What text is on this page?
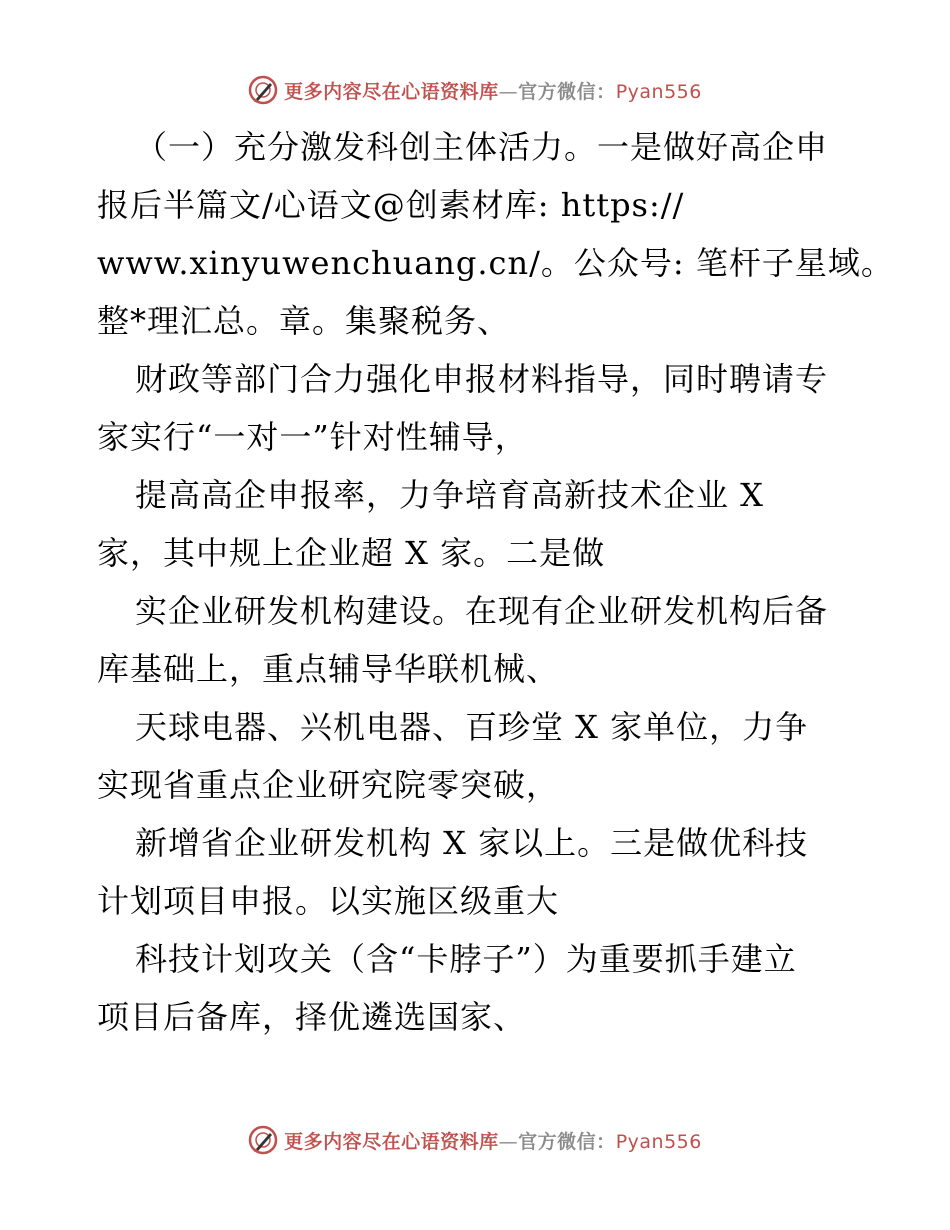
更多内容尽在心语资料库—官方微信：Pyan556
（一）充分激发科创主体活力。一是做好高企申
报后半篇文/心语文@创素材库: https://
www.xinyuwenchuang.cn/。公众号: 笔杆子星域。
整*理汇总。章。集聚税务、
财政等部门合力强化申报材料指导，同时聘请专
家实行“一对一”针对性辅导，
提高高企申报率，力争培育高新技术企业 X
家，其中规上企业超 X 家。二是做
实企业研发机构建设。在现有企业研发机构后备
库基础上，重点辅导华联机械、
天球电器、兴机电器、百珍堂 X 家单位，力争
实现省重点企业研究院零突破，
新增省企业研发机构 X 家以上。三是做优科技
计划项目申报。以实施区级重大
科技计划攻关（含“卡脖子”）为重要抓手建立
项目后备库，择优遴选国家、
更多内容尽在心语资料库—官方微信：Pyan556
